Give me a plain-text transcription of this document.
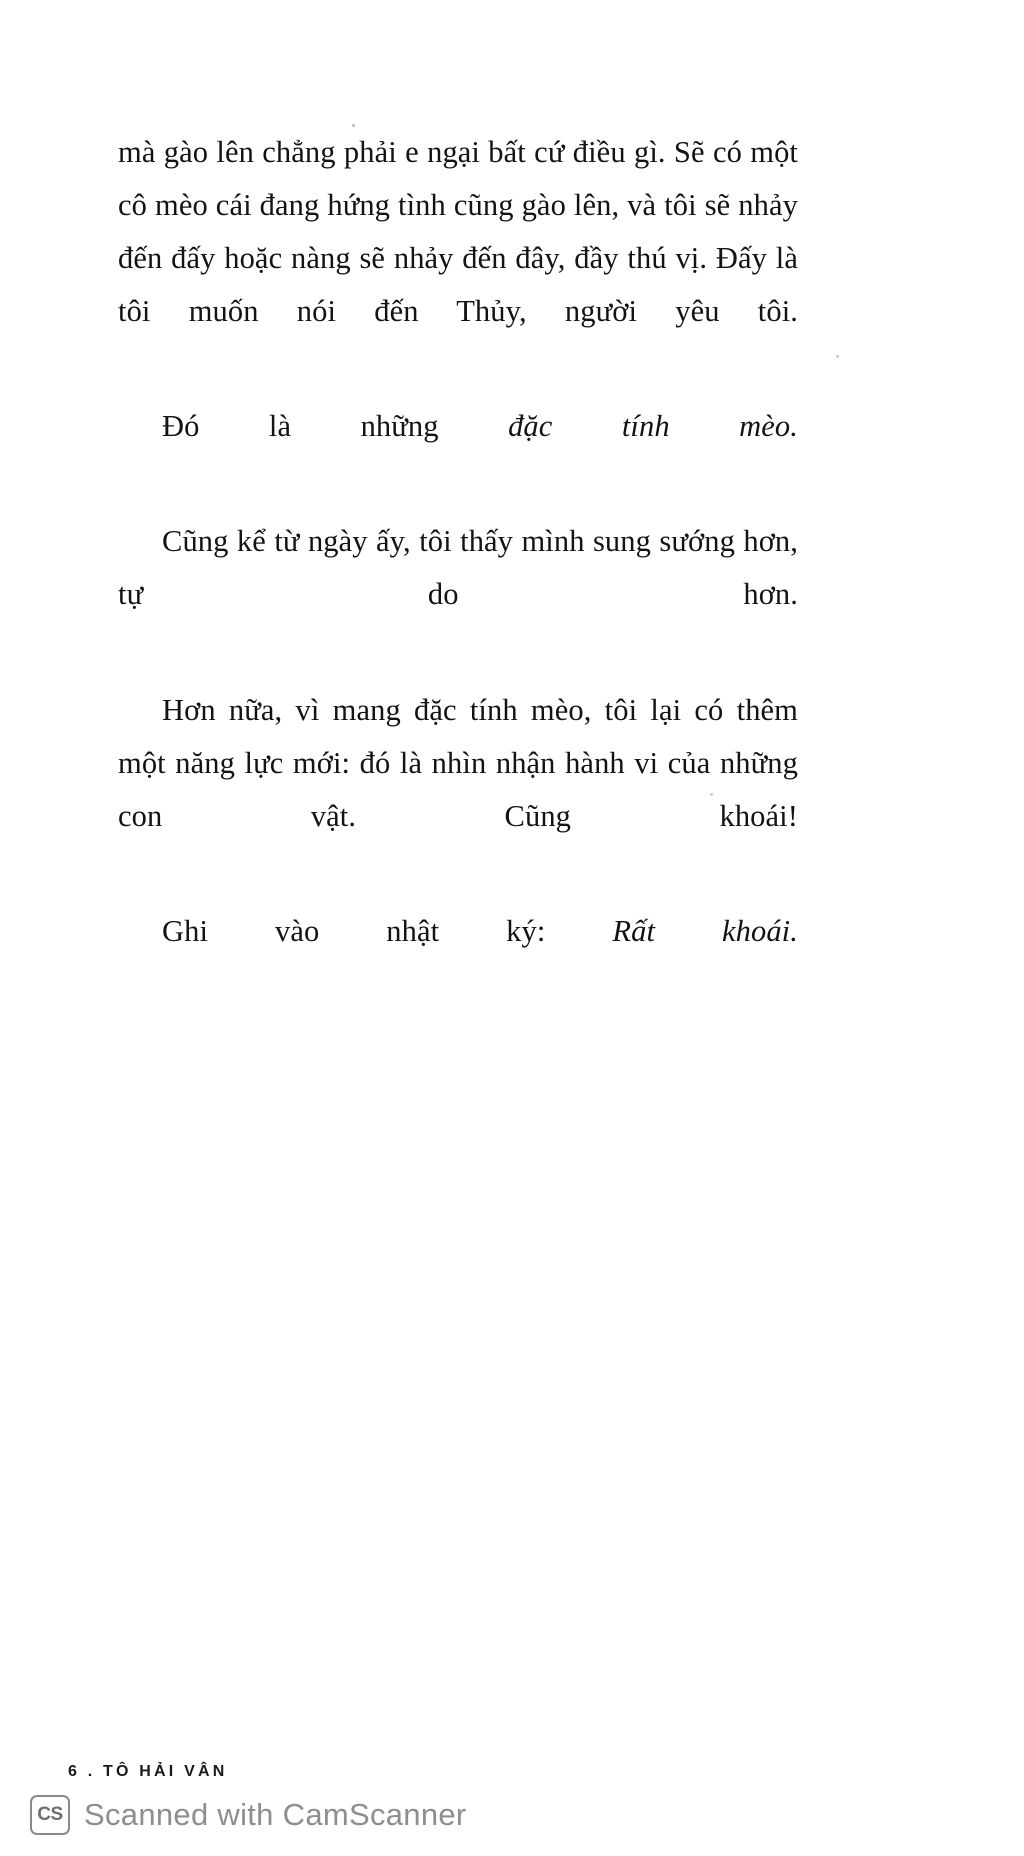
mà gào lên chẳng phải e ngại bất cứ điều gì. Sẽ có một cô mèo cái đang hứng tình cũng gào lên, và tôi sẽ nhảy đến đấy hoặc nàng sẽ nhảy đến đây, đầy thú vị. Đấy là tôi muốn nói đến Thủy, người yêu tôi.

Đó là những đặc tính mèo.

Cũng kể từ ngày ấy, tôi thấy mình sung sướng hơn, tự do hơn.

Hơn nữa, vì mang đặc tính mèo, tôi lại có thêm một năng lực mới: đó là nhìn nhận hành vi của những con vật. Cũng khoái!

Ghi vào nhật ký: Rất khoái.

6 . TÔ HẢI VÂN
CS Scanned with CamScanner
